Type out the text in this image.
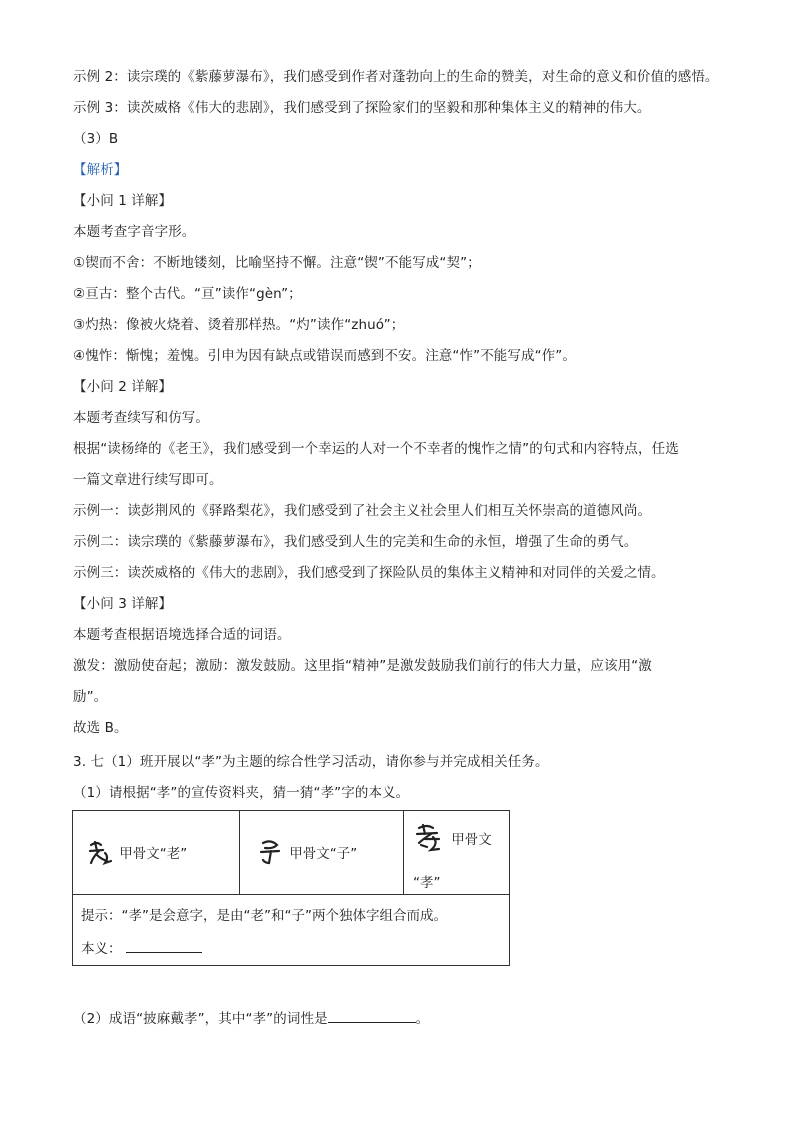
示例 2：读宗璞的《紫藤萝瀑布》，我们感受到作者对蓬勃向上的生命的赞美，对生命的意义和价值的感悟。
示例 3：读茨威格《伟大的悲剧》，我们感受到了探险家们的坚毅和那种集体主义的精神的伟大。
（3）B
【解析】
【小问 1 详解】
本题考查字音字形。
①锲而不舍：不断地镂刻，比喻坚持不懈。注意“锲”不能写成“契”；
②亘古：整个古代。“亘”读作“gèn”；
③灼热：像被火烧着、烫着那样热。“灼”读作“zhuó”；
④愧怍：惭愧；羞愧。引申为因有缺点或错误而感到不安。注意“怍”不能写成“作”。
【小问 2 详解】
本题考查续写和仿写。
根据“读杨绛的《老王》，我们感受到一个幸运的人对一个不幸者的愧怍之情”的句式和内容特点，任选
一篇文章进行续写即可。
示例一：读彭荆风的《驿路梨花》，我们感受到了社会主义社会里人们相互关怀崇高的道德风尚。
示例二：读宗璞的《紫藤萝瀑布》，我们感受到人生的完美和生命的永恒，增强了生命的勇气。
示例三：读茨威格的《伟大的悲剧》，我们感受到了探险队员的集体主义精神和对同伴的关爱之情。
【小问 3 详解】
本题考查根据语境选择合适的词语。
激发：激励使奋起；激励：激发鼓励。这里指“精神”是激发鼓励我们前行的伟大力量，应该用“激
励”。
故选 B。
3. 七（1）班开展以“孝”为主题的综合性学习活动，请你参与并完成相关任务。
（1）请根据“孝”的宣传资料夹，猜一猜“孝”字的本义。
甲骨文“老”	甲骨文“子”
甲骨文
“孝”
提示：“孝”是会意字，是由“老”和“子”两个独体字组合而成。
本义：
（2）成语“披麻戴孝”，其中“孝”的词性是	。
